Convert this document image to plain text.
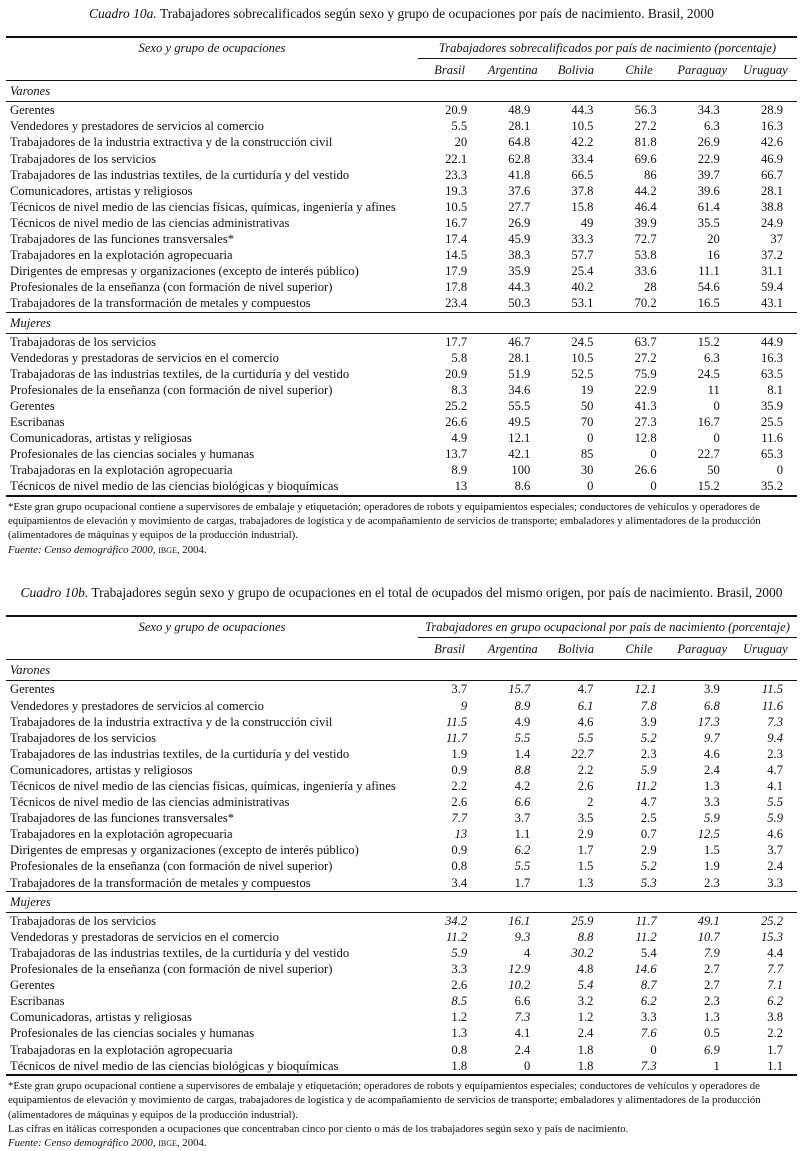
Cuadro 10a. Trabajadores sobrecalificados según sexo y grupo de ocupaciones por país de nacimiento. Brasil, 2000
Sexo y grupo de ocupaciones	Trabajadores sobrecalificados por país de nacimiento (porcentaje)					
	Brasil	Argentina	Bolivia	Chile	Paraguay	Uruguay
Varones						
Gerentes	20.9	48.9	44.3	56.3	34.3	28.9
Vendedores y prestadores de servicios al comercio	5.5	28.1	10.5	27.2	6.3	16.3
Trabajadores de la industria extractiva y de la construcción civil	20	64.8	42.2	81.8	26.9	42.6
Trabajadores de los servicios	22.1	62.8	33.4	69.6	22.9	46.9
Trabajadores de las industrias textiles, de la curtiduría y del vestido	23.3	41.8	66.5	86	39.7	66.7
Comunicadores, artistas y religiosos	19.3	37.6	37.8	44.2	39.6	28.1
Técnicos de nivel medio de las ciencias físicas, químicas, ingeniería y afines	10.5	27.7	15.8	46.4	61.4	38.8
Técnicos de nivel medio de las ciencias administrativas	16.7	26.9	49	39.9	35.5	24.9
Trabajadores de las funciones transversales*	17.4	45.9	33.3	72.7	20	37
Trabajadores en la explotación agropecuaria	14.5	38.3	57.7	53.8	16	37.2
Dirigentes de empresas y organizaciones (excepto de interés público)	17.9	35.9	25.4	33.6	11.1	31.1
Profesionales de la enseñanza (con formación de nivel superior)	17.8	44.3	40.2	28	54.6	59.4
Trabajadores de la transformación de metales y compuestos	23.4	50.3	53.1	70.2	16.5	43.1
Mujeres						
Trabajadoras de los servicios	17.7	46.7	24.5	63.7	15.2	44.9
Vendedoras y prestadoras de servicios en el comercio	5.8	28.1	10.5	27.2	6.3	16.3
Trabajadoras de las industrias textiles, de la curtiduría y del vestido	20.9	51.9	52.5	75.9	24.5	63.5
Profesionales de la enseñanza (con formación de nivel superior)	8.3	34.6	19	22.9	11	8.1
Gerentes	25.2	55.5	50	41.3	0	35.9
Escribanas	26.6	49.5	70	27.3	16.7	25.5
Comunicadoras, artistas y religiosas	4.9	12.1	0	12.8	0	11.6
Profesionales de las ciencias sociales y humanas	13.7	42.1	85	0	22.7	65.3
Trabajadoras en la explotación agropecuaria	8.9	100	30	26.6	50	0
Técnicos de nivel medio de las ciencias biológicas y bioquímicas	13	8.6	0	0	15.2	35.2

*Este gran grupo ocupacional contiene a supervisores de embalaje y etiquetación; operadores de robots y equipamientos especiales; conductores de vehículos y operadores de equipamientos de elevación y movimiento de cargas, trabajadores de logística y de acompañamiento de servicios de transporte; embaladores y alimentadores de la producción (alimentadores de máquinas y equipos de la producción industrial).

Fuente: Censo demográfico 2000, ibge, 2004.

Cuadro 10b. Trabajadores según sexo y grupo de ocupaciones en el total de ocupados del mismo origen, por país de nacimiento. Brasil, 2000
Sexo y grupo de ocupaciones	Trabajadores en grupo ocupacional por país de nacimiento (porcentaje)					
	Brasil	Argentina	Bolivia	Chile	Paraguay	Uruguay
Varones						
Gerentes	3.7	15.7	4.7	12.1	3.9	11.5
Vendedores y prestadores de servicios al comercio	9	8.9	6.1	7.8	6.8	11.6
Trabajadores de la industria extractiva y de la construcción civil	11.5	4.9	4.6	3.9	17.3	7.3
Trabajadores de los servicios	11.7	5.5	5.5	5.2	9.7	9.4
Trabajadores de las industrias textiles, de la curtiduría y del vestido	1.9	1.4	22.7	2.3	4.6	2.3
Comunicadores, artistas y religiosos	0.9	8.8	2.2	5.9	2.4	4.7
Técnicos de nivel medio de las ciencias físicas, químicas, ingeniería y afines	2.2	4.2	2.6	11.2	1.3	4.1
Técnicos de nivel medio de las ciencias administrativas	2.6	6.6	2	4.7	3.3	5.5
Trabajadores de las funciones transversales*	7.7	3.7	3.5	2.5	5.9	5.9
Trabajadores en la explotación agropecuaria	13	1.1	2.9	0.7	12.5	4.6
Dirigentes de empresas y organizaciones (excepto de interés público)	0.9	6.2	1.7	2.9	1.5	3.7
Profesionales de la enseñanza (con formación de nivel superior)	0.8	5.5	1.5	5.2	1.9	2.4
Trabajadores de la transformación de metales y compuestos	3.4	1.7	1.3	5.3	2.3	3.3
Mujeres						
Trabajadoras de los servicios	34.2	16.1	25.9	11.7	49.1	25.2
Vendedoras y prestadoras de servicios en el comercio	11.2	9.3	8.8	11.2	10.7	15.3
Trabajadoras de las industrias textiles, de la curtiduría y del vestido	5.9	4	30.2	5.4	7.9	4.4
Profesionales de la enseñanza (con formación de nivel superior)	3.3	12.9	4.8	14.6	2.7	7.7
Gerentes	2.6	10.2	5.4	8.7	2.7	7.1
Escribanas	8.5	6.6	3.2	6.2	2.3	6.2
Comunicadoras, artistas y religiosas	1.2	7.3	1.2	3.3	1.3	3.8
Profesionales de las ciencias sociales y humanas	1.3	4.1	2.4	7.6	0.5	2.2
Trabajadoras en la explotación agropecuaria	0.8	2.4	1.8	0	6.9	1.7
Técnicos de nivel medio de las ciencias biológicas y bioquímicas	1.8	0	1.8	7.3	1	1.1

*Este gran grupo ocupacional contiene a supervisores de embalaje y etiquetación; operadores de robots y equipamientos especiales; conductores de vehículos y operadores de equipamientos de elevación y movimiento de cargas, trabajadores de logística y de acompañamiento de servicios de transporte; embaladores y alimentadores de la producción (alimentadores de máquinas y equipos de la producción industrial).

Las cifras en itálicas corresponden a ocupaciones que concentraban cinco por ciento o más de los trabajadores según sexo y país de nacimiento.

Fuente: Censo demográfico 2000, ibge, 2004.
